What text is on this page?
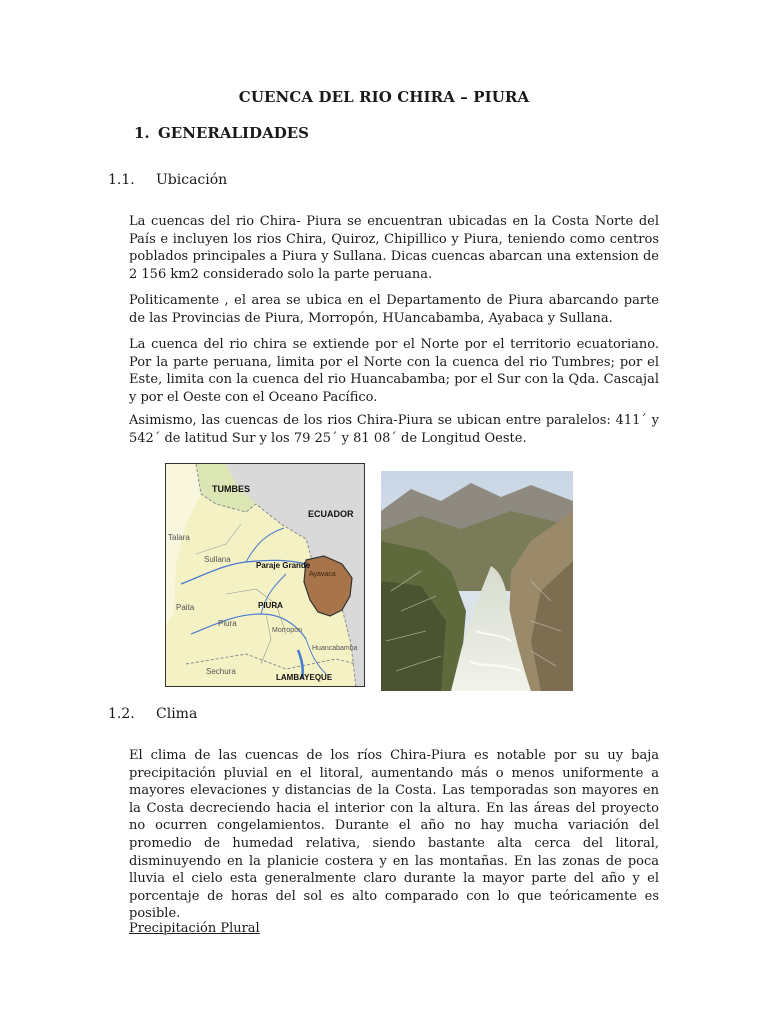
CUENCA DEL RIO CHIRA – PIURA
1. GENERALIDADES
1.1. Ubicación

La cuencas del rio Chira- Piura se encuentran ubicadas en la Costa Norte del País e incluyen los rios Chira, Quiroz, Chipillico y Piura, teniendo como centros poblados principales a Piura y Sullana. Dicas cuencas abarcan una extension de 2 156 km2 considerado solo la parte peruana.

Politicamente , el area se ubica en el Departamento de Piura abarcando parte de las Provincias de Piura, Morropón, HUancabamba, Ayabaca y Sullana.

La cuenca del rio chira se extiende por el Norte por el territorio ecuatoriano. Por la parte peruana, limita por el Norte con la cuenca del rio Tumbres; por el Este, limita con la cuenca del rio Huancabamba; por el Sur con la Qda. Cascajal y por el Oeste con el Oceano Pacífico.

Asimismo, las cuencas de los rios Chira-Piura se ubican entre paralelos: 411´ y 542´ de latitud Sur y los 79 25´ y 81 08´ de Longitud Oeste.

TUMBES
ECUADOR
Talara
Sullana
Paraje Grande
Ayavaca
Paita	PIURA
Piura
Morropon
Huancabamba
Sechura
LAMBAYEQUE
1.2. Clima

El clima de las cuencas de los ríos Chira-Piura es notable por su uy baja precipitación pluvial en el litoral, aumentando más o menos uniformente a mayores elevaciones y distancias de la Costa. Las temporadas son mayores en la Costa decreciendo hacia el interior con la altura. En las áreas del proyecto no ocurren congelamientos. Durante el año no hay mucha variación del promedio de humedad relativa, siendo bastante alta cerca del litoral, disminuyendo en la planicie costera y en las montañas. En las zonas de poca lluvia el cielo esta generalmente claro durante la mayor parte del año y el porcentaje de horas del sol es alto comparado con lo que teóricamente es posible.

Precipitación Plural
